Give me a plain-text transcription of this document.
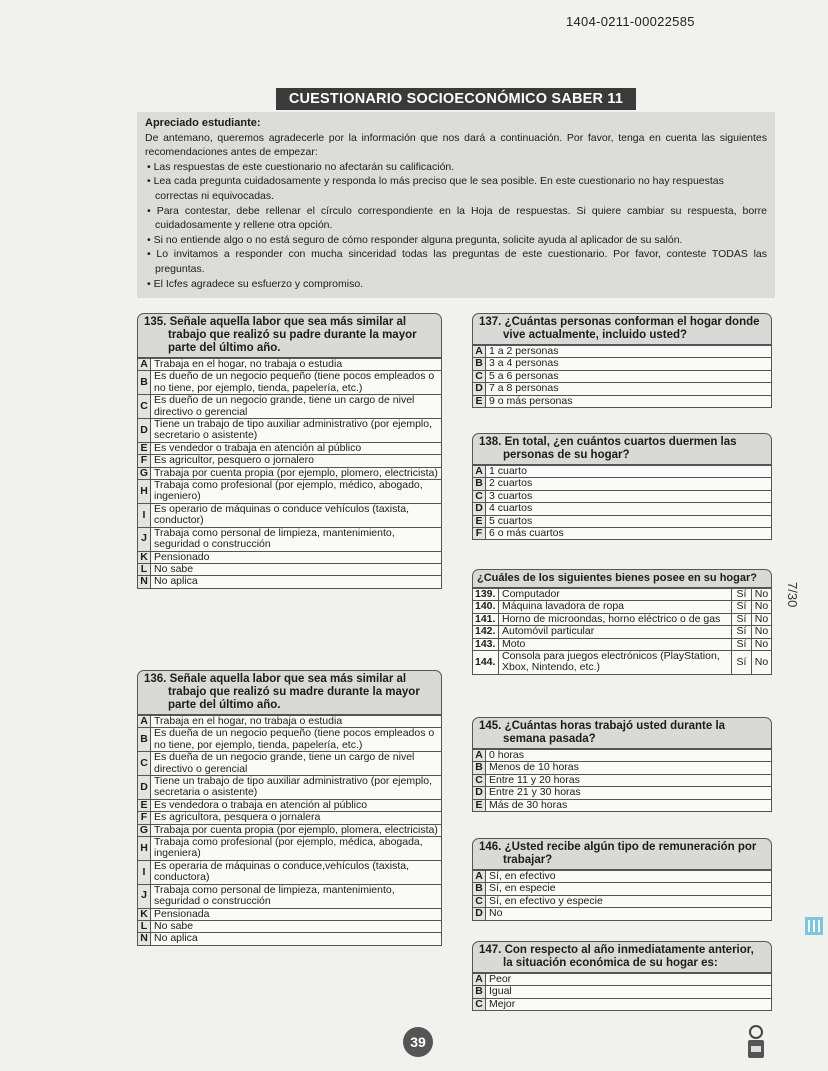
1404-0211-00022585
CUESTIONARIO SOCIOECONÓMICO SABER 11
Apreciado estudiante:
De antemano, queremos agradecerle por la información que nos dará a continuación. Por favor, tenga en cuenta las siguientes recomendaciones antes de empezar:
• Las respuestas de este cuestionario no afectarán su calificación.
• Lea cada pregunta cuidadosamente y responda lo más preciso que le sea posible. En este cuestionario no hay respuestas correctas ni equivocadas.
• Para contestar, debe rellenar el círculo correspondiente en la Hoja de respuestas. Si quiere cambiar su respuesta, borre cuidadosamente y rellene otra opción.
• Si no entiende algo o no está seguro de cómo responder alguna pregunta, solicite ayuda al aplicador de su salón.
• Lo invitamos a responder con mucha sinceridad todas las preguntas de este cuestionario. Por favor, conteste TODAS las preguntas.
• El Icfes agradece su esfuerzo y compromiso.
135. Señale aquella labor que sea más similar al trabajo que realizó su padre durante la mayor parte del último año.
A	Trabaja en el hogar, no trabaja o estudia
B	Es dueño de un negocio pequeño (tiene pocos empleados o no tiene, por ejemplo, tienda, papelería, etc.)
C	Es dueño de un negocio grande, tiene un cargo de nivel directivo o gerencial
D	Tiene un trabajo de tipo auxiliar administrativo (por ejemplo, secretario o asistente)
E	Es vendedor o trabaja en atención al público
F	Es agricultor, pesquero o jornalero
G	Trabaja por cuenta propia (por ejemplo, plomero, electricista)
H	Trabaja como profesional (por ejemplo, médico, abogado, ingeniero)
I	Es operario de máquinas o conduce vehículos (taxista, conductor)
J	Trabaja como personal de limpieza, mantenimiento, seguridad o construcción
K	Pensionado
L	No sabe
N	No aplica
136. Señale aquella labor que sea más similar al trabajo que realizó su madre durante la mayor parte del último año.
A	Trabaja en el hogar, no trabaja o estudia
B	Es dueña de un negocio pequeño (tiene pocos empleados o no tiene, por ejemplo, tienda, papelería, etc.)
C	Es dueña de un negocio grande, tiene un cargo de nivel directivo o gerencial
D	Tiene un trabajo de tipo auxiliar administrativo (por ejemplo, secretaria o asistente)
E	Es vendedora o trabaja en atención al público
F	Es agricultora, pesquera o jornalera
G	Trabaja por cuenta propia (por ejemplo, plomera, electricista)
H	Trabaja como profesional (por ejemplo, médica, abogada, ingeniera)
I	Es operaria de máquinas o conduce,vehículos (taxista, conductora)
J	Trabaja como personal de limpieza, mantenimiento, seguridad o construcción
K	Pensionada
L	No sabe
N	No aplica
137. ¿Cuántas personas conforman el hogar donde vive actualmente, incluido usted?
A	1 a 2 personas
B	3 a 4 personas
C	5 a 6 personas
D	7 a 8 personas
E	9 o más personas
138. En total, ¿en cuántos cuartos duermen las personas de su hogar?
A	1 cuarto
B	2 cuartos
C	3 cuartos
D	4 cuartos
E	5 cuartos
F	6 o más cuartos
¿Cuáles de los siguientes bienes posee en su hogar?
139.	Computador	Sí	No
140.	Máquina lavadora de ropa	Sí	No
141.	Horno de microondas, horno eléctrico o de gas	Sí	No
142.	Automóvil particular	Sí	No
143.	Moto	Sí	No
144.	Consola para juegos electrónicos (PlayStation, Xbox, Nintendo, etc.)	Sí	No
145. ¿Cuántas horas trabajó usted durante la semana pasada?
A	0 horas
B	Menos de 10 horas
C	Entre 11 y 20 horas
D	Entre 21 y 30 horas
E	Más de 30 horas
146. ¿Usted recibe algún tipo de remuneración por trabajar?
A	Sí, en efectivo
B	Sí, en especie
C	Sí, en efectivo y especie
D	No
147. Con respecto al año inmediatamente anterior, la situación económica de su hogar es:
A	Peor
B	Igual
C	Mejor
39
7/30
